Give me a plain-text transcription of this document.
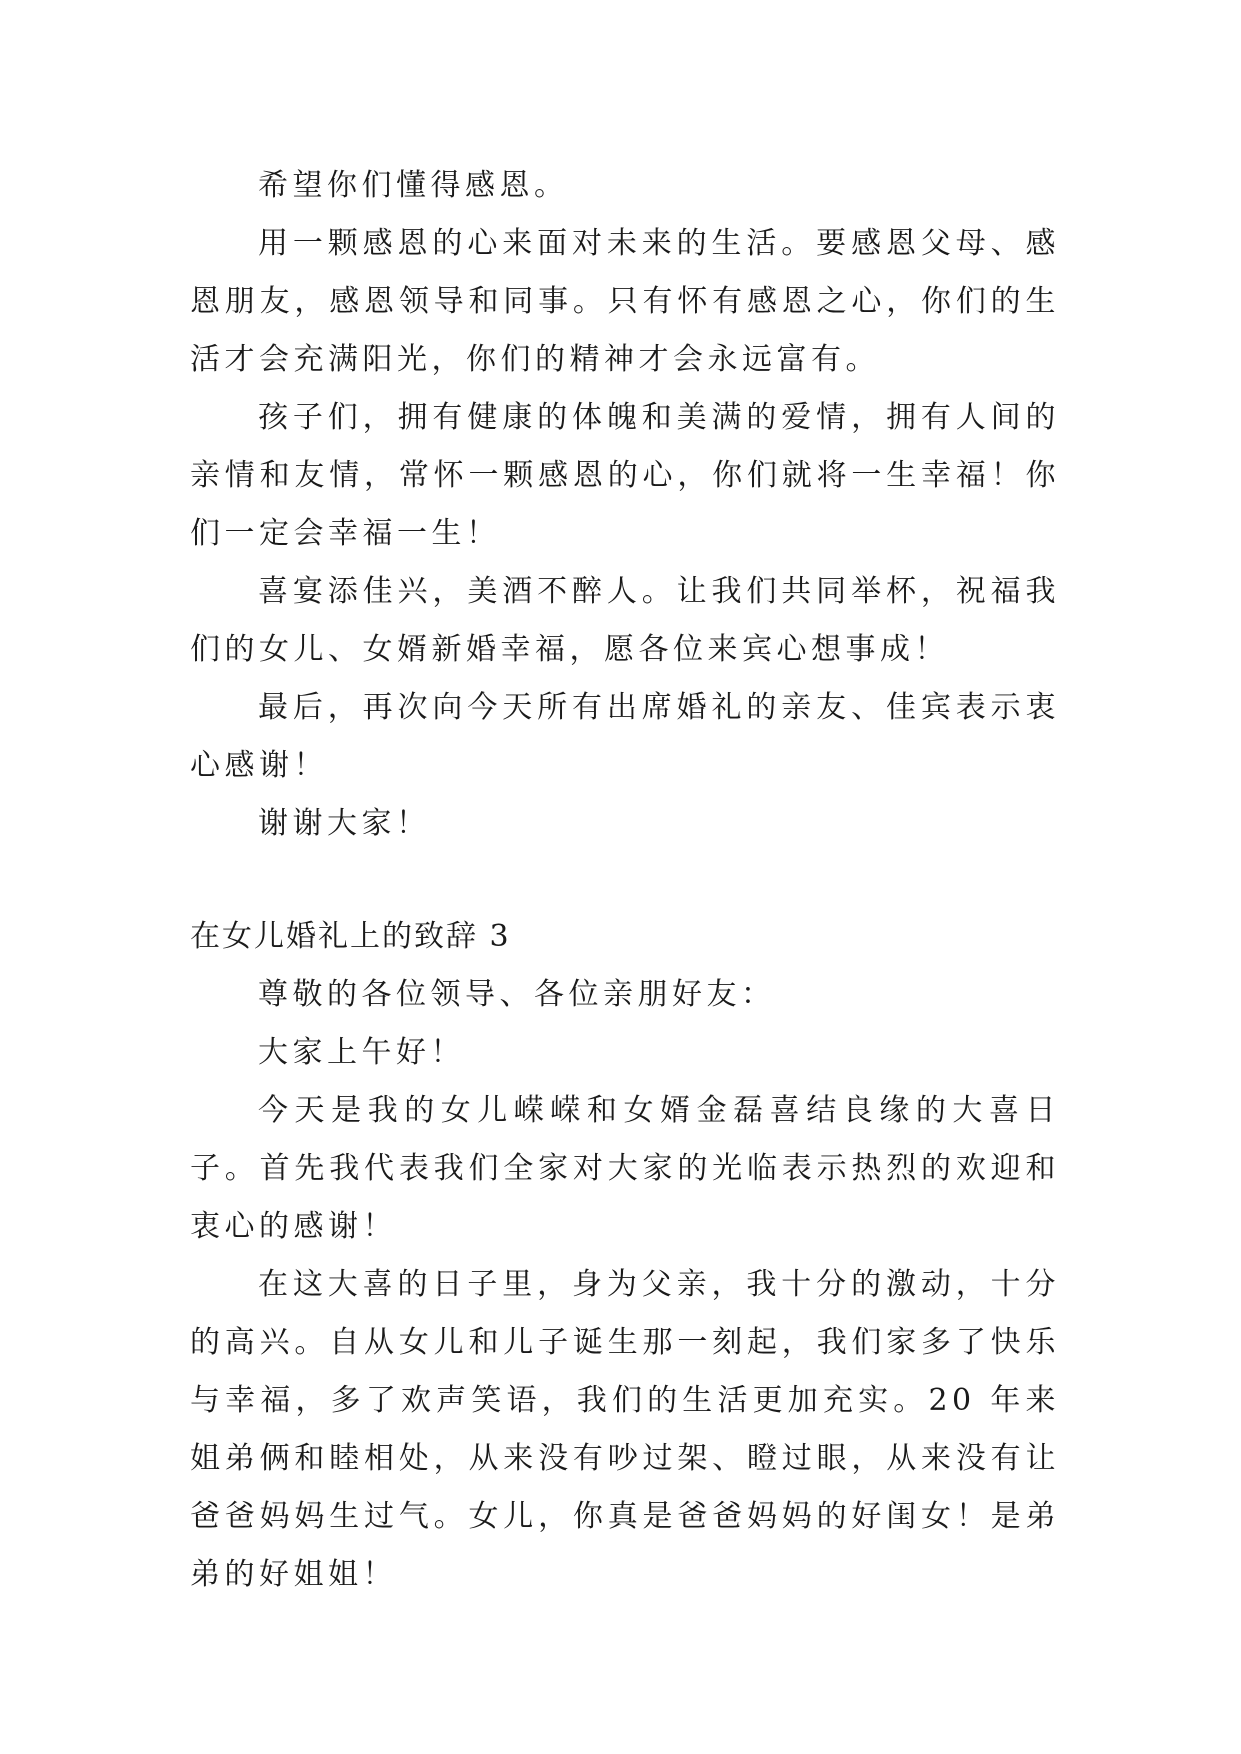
希望你们懂得感恩。

用一颗感恩的心来面对未来的生活。要感恩父母、感恩朋友，感恩领导和同事。只有怀有感恩之心，你们的生活才会充满阳光，你们的精神才会永远富有。

孩子们，拥有健康的体魄和美满的爱情，拥有人间的亲情和友情，常怀一颗感恩的心，你们就将一生幸福！你们一定会幸福一生！

喜宴添佳兴，美酒不醉人。让我们共同举杯，祝福我们的女儿、女婿新婚幸福，愿各位来宾心想事成！

最后，再次向今天所有出席婚礼的亲友、佳宾表示衷心感谢！

谢谢大家！

在女儿婚礼上的致辞 3

尊敬的各位领导、各位亲朋好友：

大家上午好！

今天是我的女儿嵘嵘和女婿金磊喜结良缘的大喜日子。首先我代表我们全家对大家的光临表示热烈的欢迎和衷心的感谢！

在这大喜的日子里，身为父亲，我十分的激动，十分的高兴。自从女儿和儿子诞生那一刻起，我们家多了快乐与幸福，多了欢声笑语，我们的生活更加充实。20 年来姐弟俩和睦相处，从来没有吵过架、瞪过眼，从来没有让爸爸妈妈生过气。女儿，你真是爸爸妈妈的好闺女！是弟弟的好姐姐！
